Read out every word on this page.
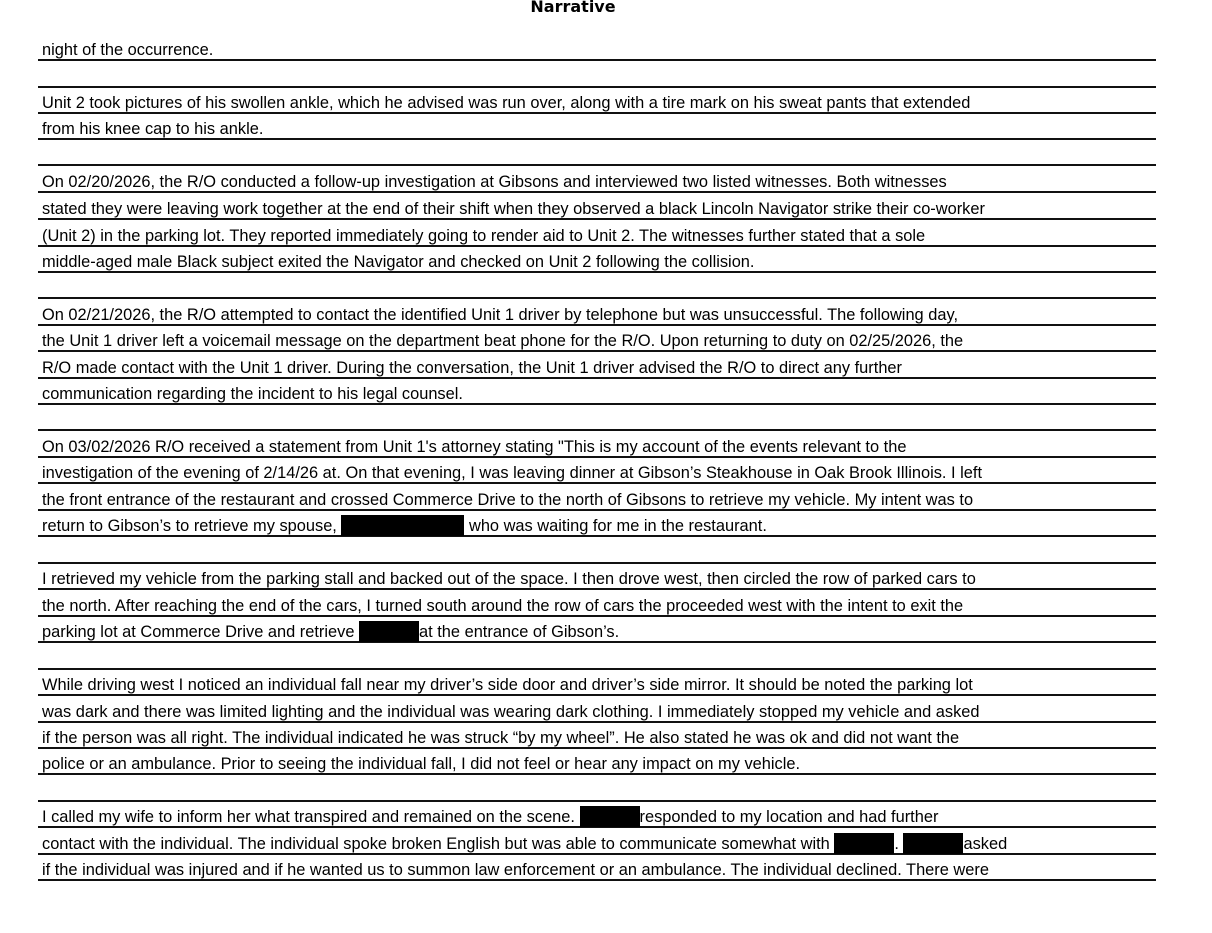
Narrative
night of the occurrence.
Unit 2 took pictures of his swollen ankle, which he advised was run over, along with a tire mark on his sweat pants that extended
from his knee cap to his ankle.
On 02/20/2026, the R/O conducted a follow-up investigation at Gibsons and interviewed two listed witnesses. Both witnesses
stated they were leaving work together at the end of their shift when they observed a black Lincoln Navigator strike their co-worker
(Unit 2) in the parking lot. They reported immediately going to render aid to Unit 2. The witnesses further stated that a sole
middle-aged male Black subject exited the Navigator and checked on Unit 2 following the collision.
On 02/21/2026, the R/O attempted to contact the identified Unit 1 driver by telephone but was unsuccessful. The following day,
the Unit 1 driver left a voicemail message on the department beat phone for the R/O. Upon returning to duty on 02/25/2026, the
R/O made contact with the Unit 1 driver. During the conversation, the Unit 1 driver advised the R/O to direct any further
communication regarding the incident to his legal counsel.
On 03/02/2026 R/O received a statement from Unit 1's attorney stating "This is my account of the events relevant to the
investigation of the evening of 2/14/26 at. On that evening, I was leaving dinner at Gibson’s Steakhouse in Oak Brook Illinois. I left
the front entrance of the restaurant and crossed Commerce Drive to the north of Gibsons to retrieve my vehicle. My intent was to
return to Gibson’s to retrieve my spouse,	who was waiting for me in the restaurant.
I retrieved my vehicle from the parking stall and backed out of the space. I then drove west, then circled the row of parked cars to
the north. After reaching the end of the cars, I turned south around the row of cars the proceeded west with the intent to exit the
parking lot at Commerce Drive and retrieve	at the entrance of Gibson’s.
While driving west I noticed an individual fall near my driver’s side door and driver’s side mirror. It should be noted the parking lot
was dark and there was limited lighting and the individual was wearing dark clothing. I immediately stopped my vehicle and asked
if the person was all right. The individual indicated he was struck “by my wheel”. He also stated he was ok and did not want the
police or an ambulance. Prior to seeing the individual fall, I did not feel or hear any impact on my vehicle.
I called my wife to inform her what transpired and remained on the scene.	responded to my location and had further
contact with the individual. The individual spoke broken English but was able to communicate somewhat with	.	asked
if the individual was injured and if he wanted us to summon law enforcement or an ambulance. The individual declined. There were
